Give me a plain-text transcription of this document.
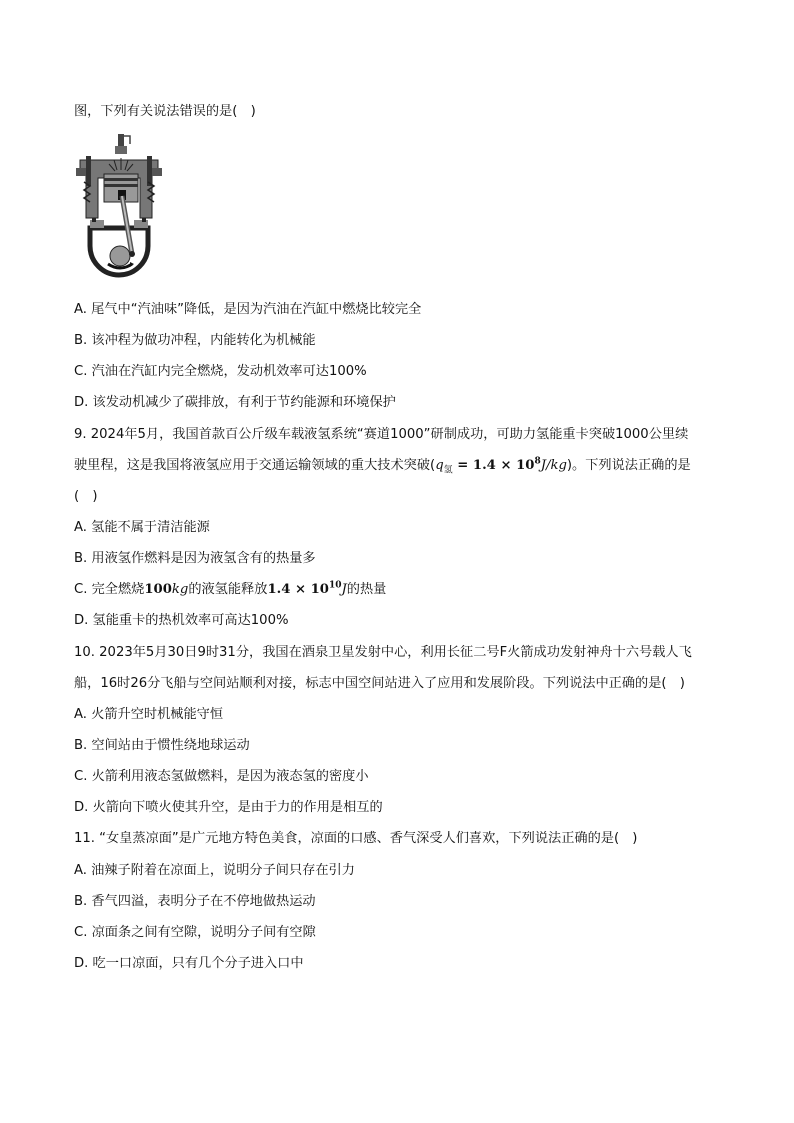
图，下列有关说法错误的是(　)
A. 尾气中“汽油味”降低，是因为汽油在汽缸中燃烧比较完全
B. 该冲程为做功冲程，内能转化为机械能
C. 汽油在汽缸内完全燃烧，发动机效率可达100%
D. 该发动机减少了碳排放，有利于节约能源和环境保护
9. 2024年5月，我国首款百公斤级车载液氢系统“赛道1000”研制成功，可助力氢能重卡突破1000公里续
驶里程，这是我国将液氢应用于交通运输领域的重大技术突破$(q_氢 = 1.4 \times 10^8J/kg)$。下列说法正确的是
(　)
A. 氢能不属于清洁能源
B. 用液氢作燃料是因为液氢含有的热量多
C. 完全燃烧100kg的液氢能释放$1.4 \times 10^{10}J$的热量
D. 氢能重卡的热机效率可高达100%
10. 2023年5月30日9时31分，我国在酒泉卫星发射中心，利用长征二号F火箭成功发射神舟十六号载人飞
船，16时26分飞船与空间站顺利对接，标志中国空间站进入了应用和发展阶段。下列说法中正确的是(　)
A. 火箭升空时机械能守恒
B. 空间站由于惯性绕地球运动
C. 火箭利用液态氢做燃料，是因为液态氢的密度小
D. 火箭向下喷火使其升空，是由于力的作用是相互的
11. “女皇蒸凉面”是广元地方特色美食，凉面的口感、香气深受人们喜欢，下列说法正确的是(　)
A. 油辣子附着在凉面上，说明分子间只存在引力
B. 香气四溢，表明分子在不停地做热运动
C. 凉面条之间有空隙，说明分子间有空隙
D. 吃一口凉面，只有几个分子进入口中
